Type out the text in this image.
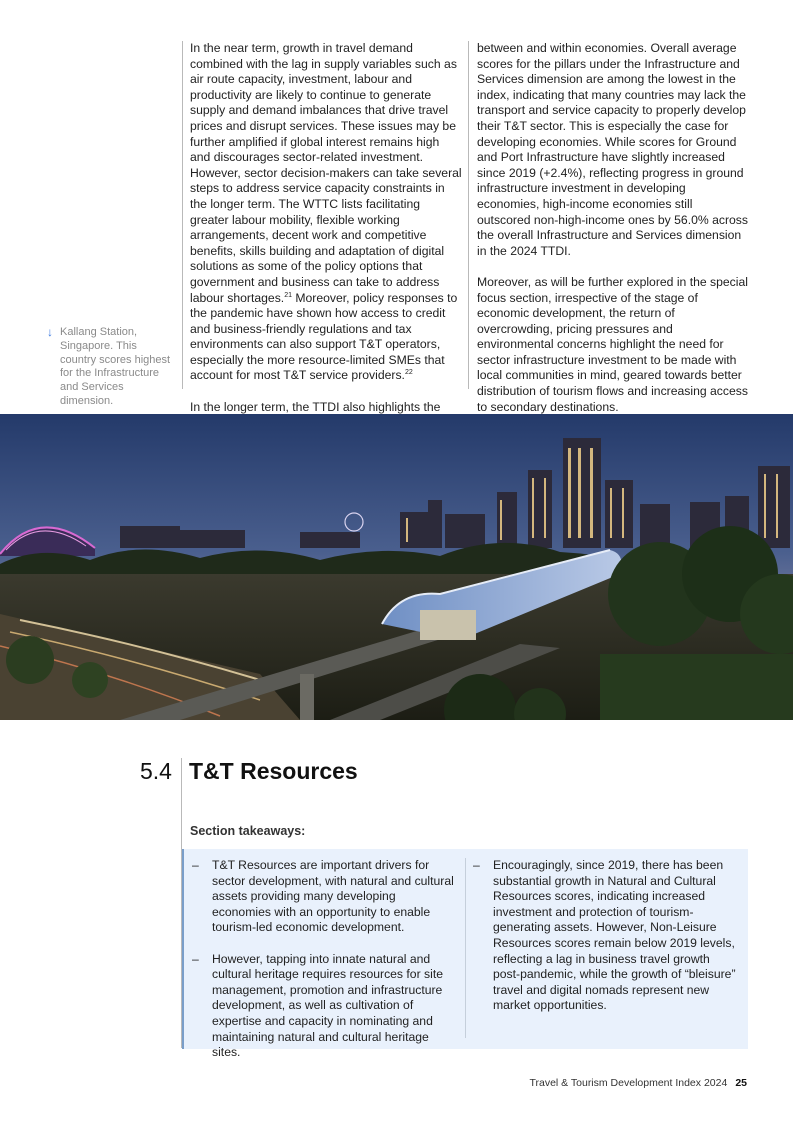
In the near term, growth in travel demand combined with the lag in supply variables such as air route capacity, investment, labour and productivity are likely to continue to generate supply and demand imbalances that drive travel prices and disrupt services. These issues may be further amplified if global interest remains high and discourages sector-related investment. However, sector decision-makers can take several steps to address service capacity constraints in the longer term. The WTTC lists facilitating greater labour mobility, flexible working arrangements, decent work and competitive benefits, skills building and adaptation of digital solutions as some of the policy options that government and business can take to address labour shortages.$^{21}$ Moreover, policy responses to the pandemic have shown how access to credit and business-friendly regulations and tax environments can also support T&T operators, especially the more resource-limited SMEs that account for most T&T service providers.$^{22}$

In the longer term, the TTDI also highlights the

between and within economies. Overall average scores for the pillars under the Infrastructure and Services dimension are among the lowest in the index, indicating that many countries may lack the transport and service capacity to properly develop their T&T sector. This is especially the case for developing economies. While scores for Ground and Port Infrastructure have slightly increased since 2019 (+2.4%), reflecting progress in ground infrastructure investment in developing economies, high-income economies still outscored non-high-income ones by 56.0% across the overall Infrastructure and Services dimension in the 2024 TTDI.

Moreover, as will be further explored in the special focus section, irrespective of the stage of economic development, the return of overcrowding, pricing pressures and environmental concerns highlight the need for sector infrastructure investment to be made with local communities in mind, geared towards better distribution of tourism flows and increasing access to secondary destinations.

↓ Kallang Station, Singapore. This country scores highest for the Infrastructure and Services dimension.
5.4 T&T Resources
Section takeaways:
– T&T Resources are important drivers for sector development, with natural and cultural assets providing many developing economies with an opportunity to enable tourism-led economic development.
– However, tapping into innate natural and cultural heritage requires resources for site management, promotion and infrastructure development, as well as cultivation of expertise and capacity in nominating and maintaining natural and cultural heritage sites.
– Encouragingly, since 2019, there has been substantial growth in Natural and Cultural Resources scores, indicating increased investment and protection of tourism-generating assets. However, Non-Leisure Resources scores remain below 2019 levels, reflecting a lag in business travel growth post-pandemic, while the growth of “bleisure” travel and digital nomads represent new market opportunities.
Travel & Tourism Development Index 2024 25
